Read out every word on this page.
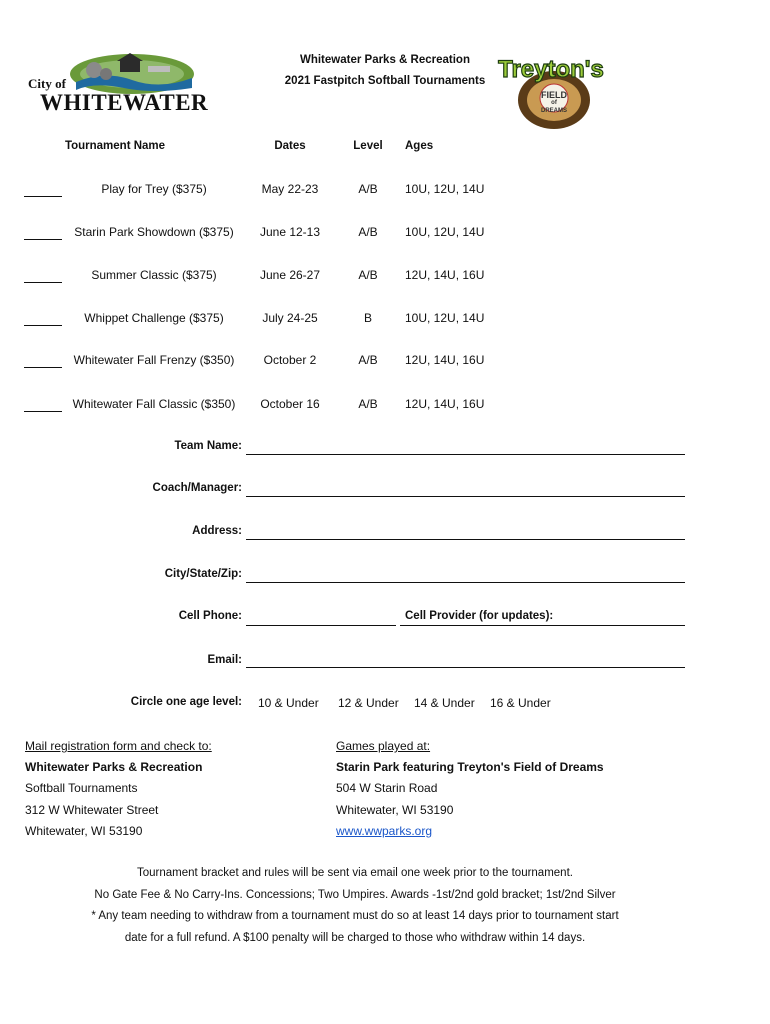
City of
WHITEWATER
Whitewater Parks & Recreation
2021 Fastpitch Softball Tournaments Treyton's
FIELD
of
DREAMS
Tournament Name	Dates	Level	Ages
Play for Trey ($375)	May 22-23	A/B	10U, 12U, 14U
Starin Park Showdown ($375)	June 12-13	A/B	10U, 12U, 14U
Summer Classic ($375)	June 26-27	A/B	12U, 14U, 16U
Whippet Challenge ($375)	July 24-25	B	10U, 12U, 14U
Whitewater Fall Frenzy ($350)	October 2	A/B	12U, 14U, 16U
Whitewater Fall Classic ($350)	October 16	A/B	12U, 14U, 16U
Team Name:
Coach/Manager:
Address:
City/State/Zip:
Cell Phone:	Cell Provider (for updates):
Email:
Circle one age level: 10 & Under 12 & Under 14 & Under 16 & Under
Mail registration form and check to:
Whitewater Parks & Recreation
Softball Tournaments
312 W Whitewater Street
Whitewater, WI 53190
Games played at:
Starin Park featuring Treyton's Field of Dreams
504 W Starin Road
Whitewater, WI 53190
www.wwparks.org
Tournament bracket and rules will be sent via email one week prior to the tournament.
No Gate Fee & No Carry-Ins. Concessions; Two Umpires. Awards -1st/2nd gold bracket; 1st/2nd Silver
* Any team needing to withdraw from a tournament must do so at least 14 days prior to tournament start
date for a full refund. A $100 penalty will be charged to those who withdraw within 14 days.
